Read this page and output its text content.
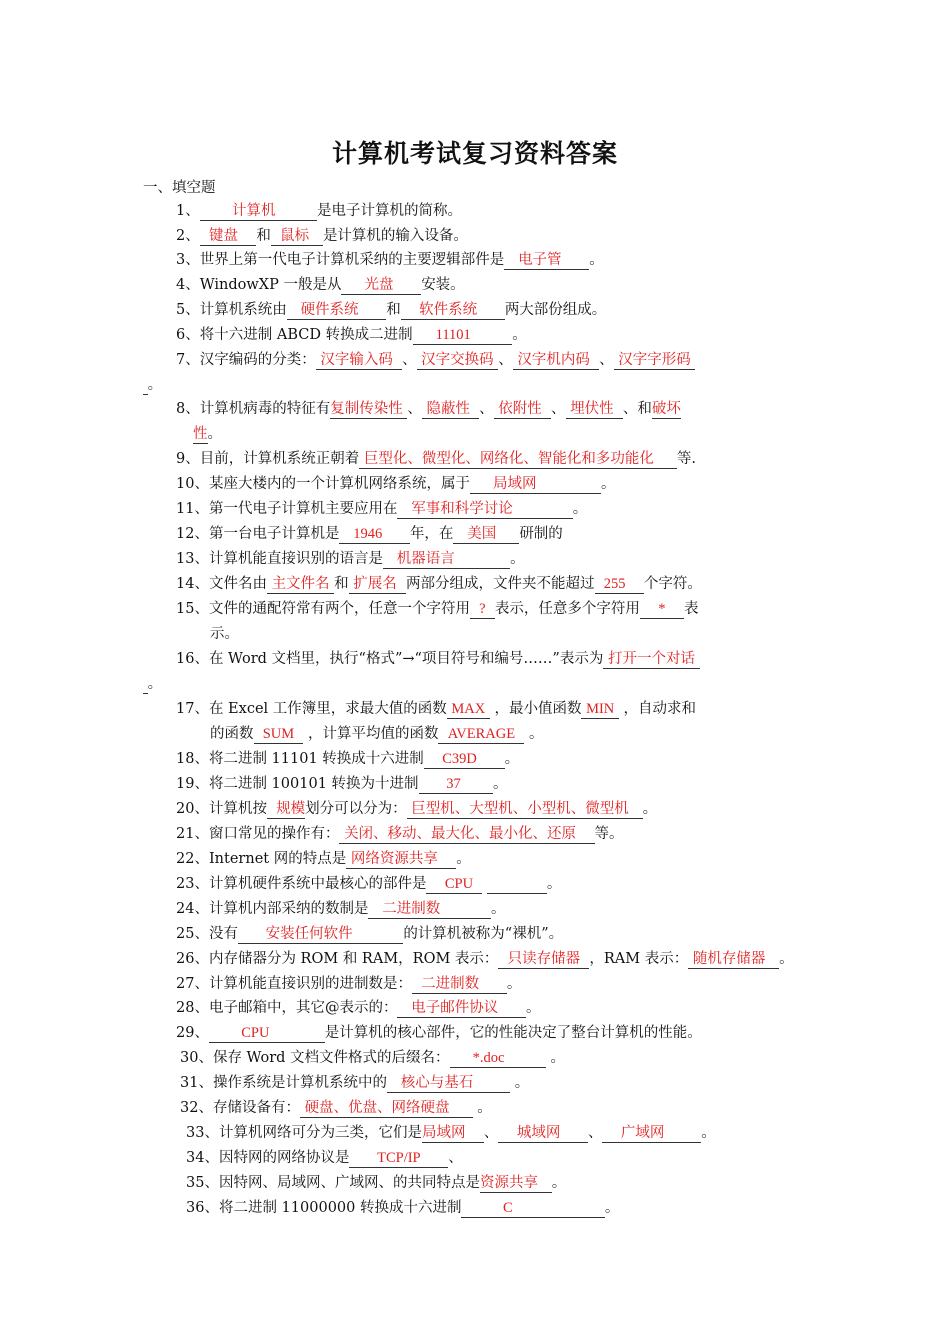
计算机考试复习资料答案
一、填空题
1、 计算机	是电子计算机的简称。
2、 键盘 和 鼠标 是计算机的输入设备。
3、世界上第一代电子计算机采纳的主要逻辑部件是 电子管 。
4、WindowXP 一般是从 光盘 安装。
5、计算机系统由 硬件系统 和 软件系统 两大部份组成。
6、将十六进制 ABCD 转换成二进制 11101	。
7、汉字编码的分类： 汉字输入码 、 汉字交换码 、 汉字机内码 、 汉字字形码
。
8、计算机病毒的特征有复制传染性 、 隐蔽性 、 依附性 、 埋伏性 、和破坏
性。
9、目前，计算机系统正朝着 巨型化、微型化、网络化、智能化和多功能化 等.
10、某座大楼内的一个计算机网络系统，属于 局域网	。
11、第一代电子计算机主要应用在 军事和科学讨论	。
12、第一台电子计算机是 1946 年，在 美国 研制的
13、计算机能直接识别的语言是 机器语言	。
14、文件名由 主文件名 和 扩展名 两部分组成，文件夹不能超过 255 个字符。
15、文件的通配符常有两个，任意一个字符用 ? 表示，任意多个字符用 * 表
示。
16、在 Word 文档里，执行“格式”→“项目符号和编号……”表示为 打开一个对话
。
17、在 Excel 工作簿里，求最大值的函数 MAX ，最小值函数 MIN ，自动求和
的函数 SUM ，计算平均值的函数 AVERAGE 。
18、将二进制 11101 转换成十六进制 C39D 。
19、将二进制 100101 转换为十进制 37 。
20、计算机按 规模划分可以分为： 巨型机、大型机、小型机、微型机 。
21、窗口常见的操作有： 关闭、移动、最大化、最小化、还原 等。
22、Internet 网的特点是 网络资源共享 。
23、计算机硬件系统中最核心的部件是 CPU	。
24、计算机内部采纳的数制是 二进制数	。
25、没有 安装任何软件	的计算机被称为“裸机”。
26、内存储器分为 ROM 和 RAM，ROM 表示： 只读存储器 ，RAM 表示： 随机存储器 。
27、计算机能直接识别的进制数是： 二进制数 。
28、电子邮箱中，其它@表示的： 电子邮件协议 。
29、 CPU	是计算机的核心部件，它的性能决定了整台计算机的性能。
30、保存 Word 文档文件格式的后缀名： *.doc	。
31、操作系统是计算机系统中的 核心与基石	。
32、存储设备有： 硬盘、优盘、网络硬盘 。
33、计算机网络可分为三类，它们是局域网 、 城域网 、 广域网	。
34、因特网的网络协议是 TCP/IP 、
35、因特网、局域网、广域网、的共同特点是资源共享 。
36、将二进制 11000000 转换成十六进制	C	。
